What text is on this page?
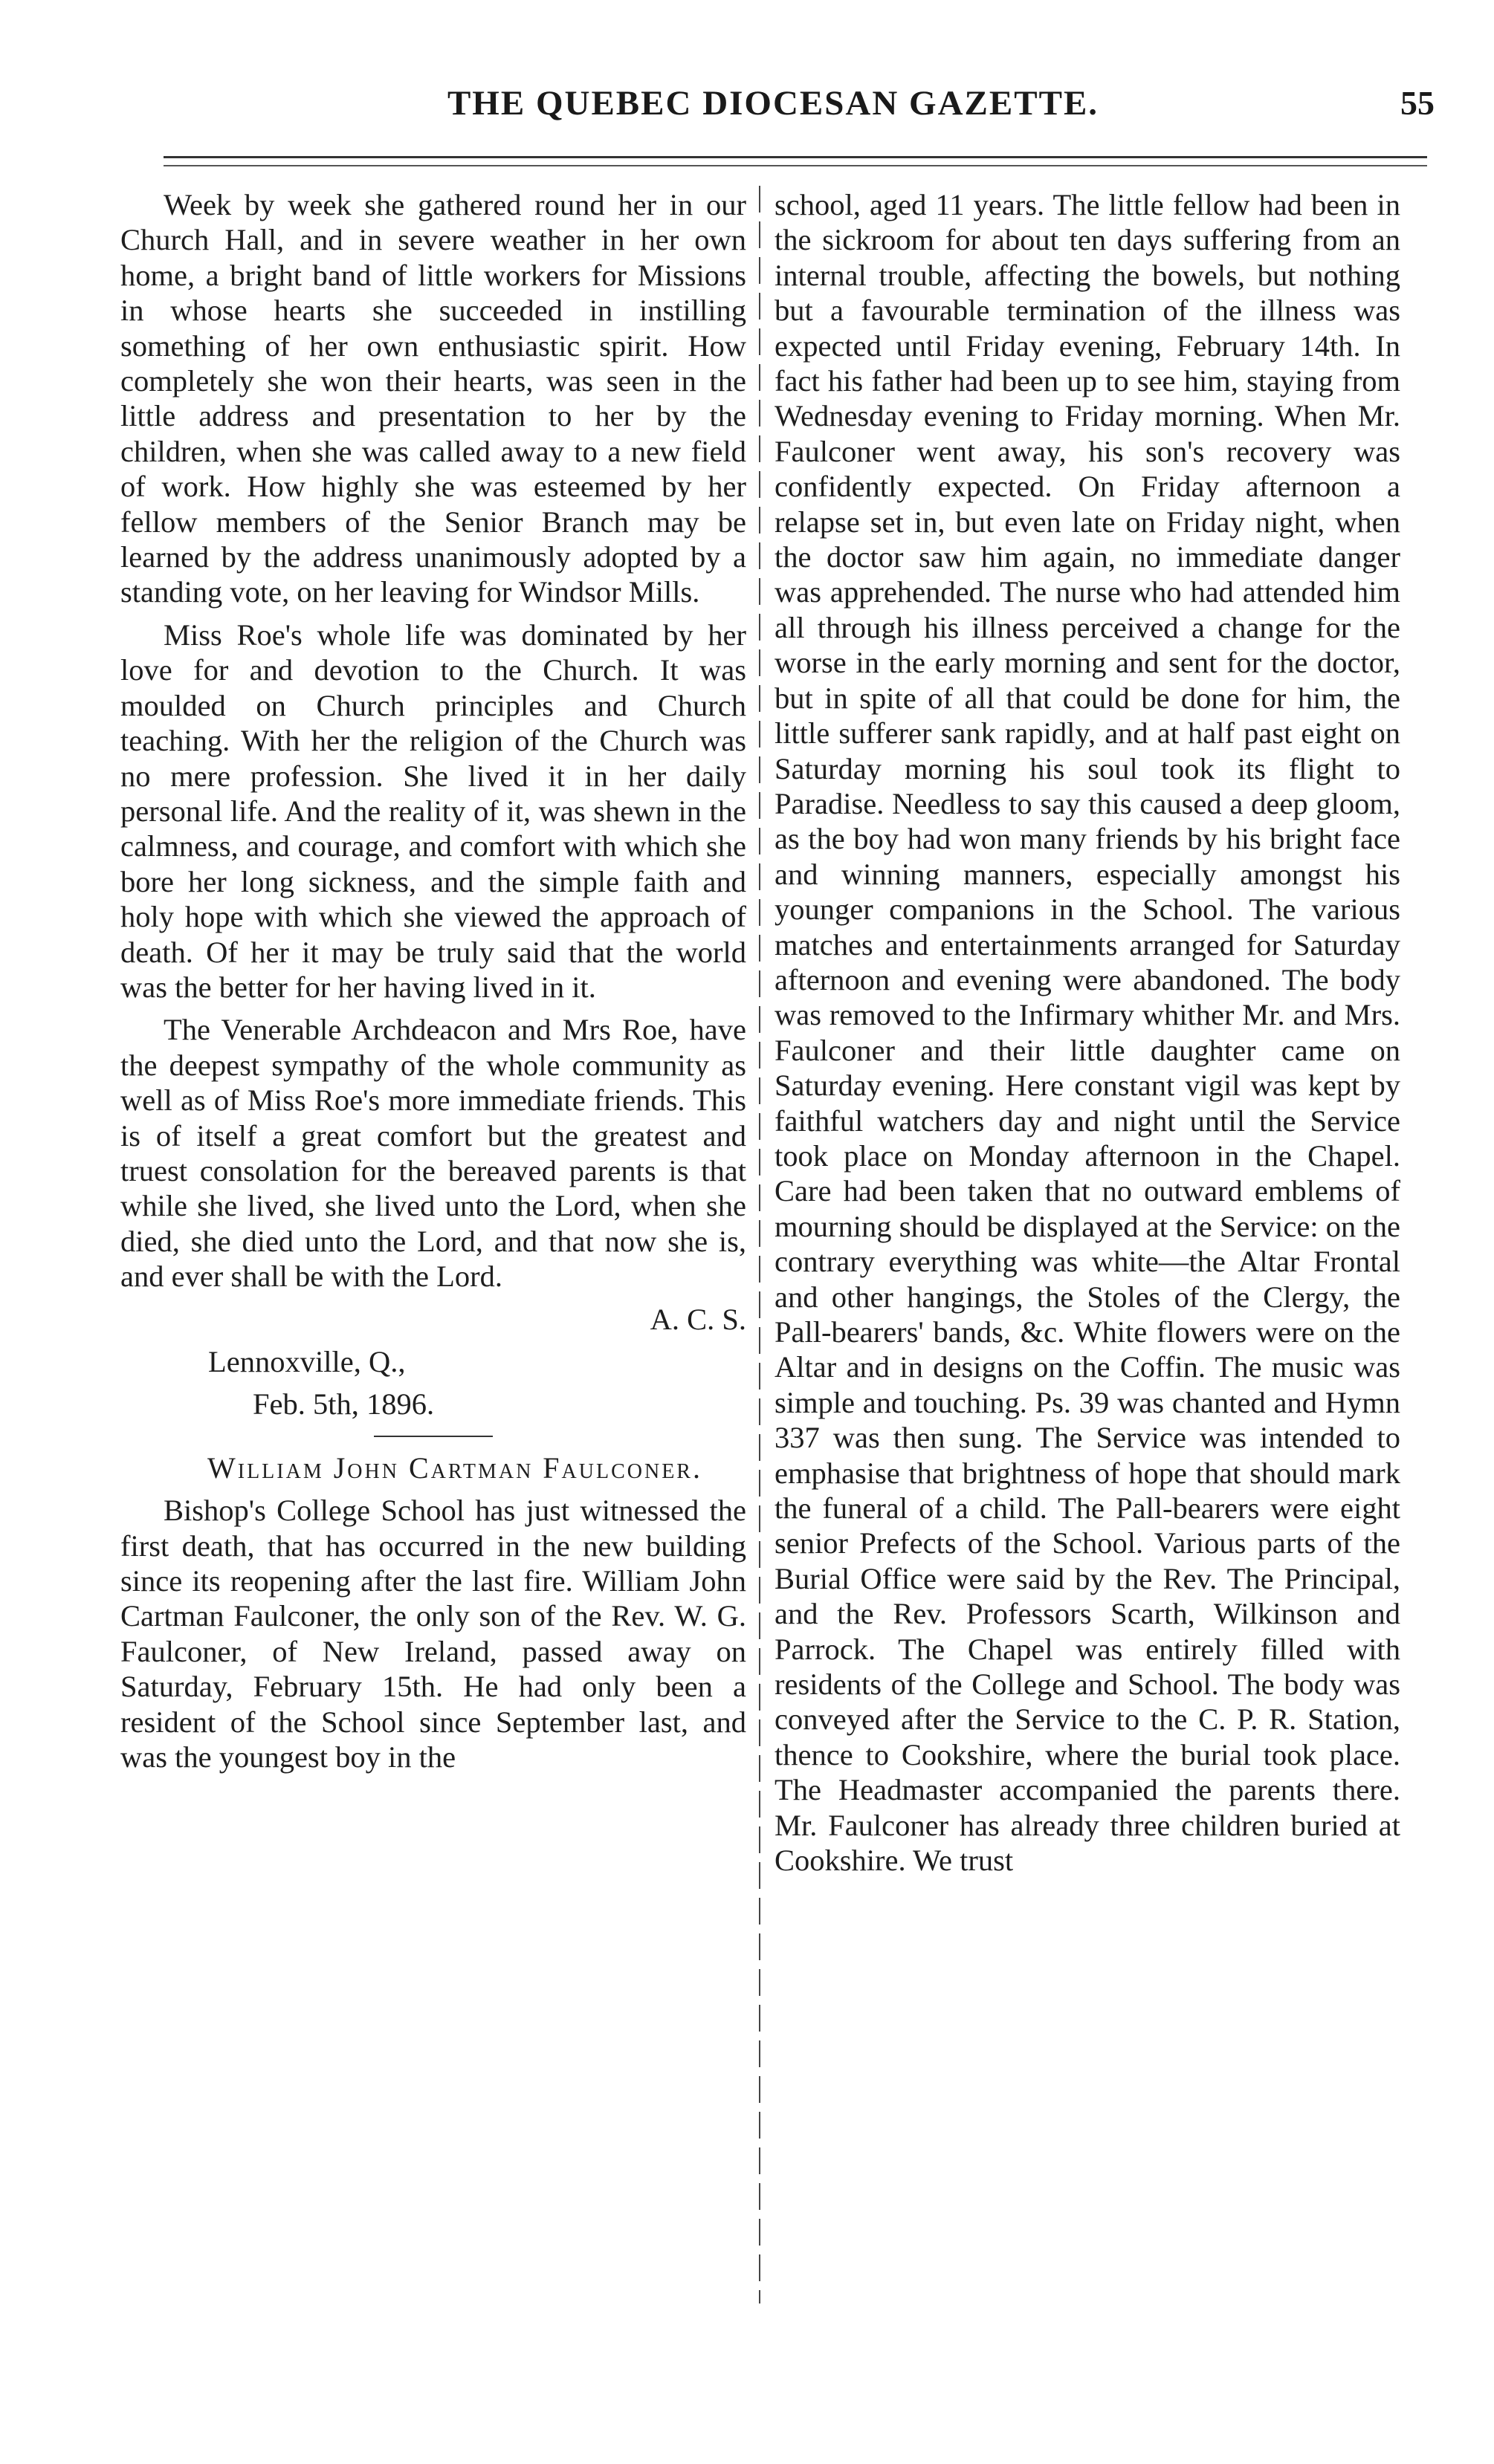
THE QUEBEC DIOCESAN GAZETTE.	55

Week by week she gathered round her in our Church Hall, and in severe weather in her own home, a bright band of little workers for Missions in whose hearts she succeeded in instilling something of her own enthusiastic spirit. How completely she won their hearts, was seen in the little address and presentation to her by the children, when she was called away to a new field of work. How highly she was esteemed by her fellow members of the Senior Branch may be learned by the address unanimously adopted by a standing vote, on her leaving for Windsor Mills.

Miss Roe's whole life was dominated by her love for and devotion to the Church. It was moulded on Church principles and Church teaching. With her the religion of the Church was no mere profession. She lived it in her daily personal life. And the reality of it, was shewn in the calmness, and courage, and comfort with which she bore her long sickness, and the simple faith and holy hope with which she viewed the approach of death. Of her it may be truly said that the world was the better for her having lived in it.

The Venerable Archdeacon and Mrs Roe, have the deepest sympathy of the whole community as well as of Miss Roe's more immediate friends. This is of itself a great comfort but the greatest and truest consolation for the bereaved parents is that while she lived, she lived unto the Lord, when she died, she died unto the Lord, and that now she is, and ever shall be with the Lord.

A. C. S.

Lennoxville, Q.,

Feb. 5th, 1896.

William John Cartman Faulconer.

Bishop's College School has just witnessed the first death, that has occurred in the new building since its reopening after the last fire. William John Cartman Faulconer, the only son of the Rev. W. G. Faulconer, of New Ireland, passed away on Saturday, February 15th. He had only been a resident of the School since September last, and was the youngest boy in the

school, aged 11 years. The little fellow had been in the sickroom for about ten days suffering from an internal trouble, affecting the bowels, but nothing but a favourable termination of the illness was expected until Friday evening, February 14th. In fact his father had been up to see him, staying from Wednesday evening to Friday morning. When Mr. Faulconer went away, his son's recovery was confidently expected. On Friday afternoon a relapse set in, but even late on Friday night, when the doctor saw him again, no immediate danger was apprehended. The nurse who had attended him all through his illness perceived a change for the worse in the early morning and sent for the doctor, but in spite of all that could be done for him, the little sufferer sank rapidly, and at half past eight on Saturday morning his soul took its flight to Paradise. Needless to say this caused a deep gloom, as the boy had won many friends by his bright face and winning manners, especially amongst his younger companions in the School. The various matches and entertainments arranged for Saturday afternoon and evening were abandoned. The body was removed to the Infirmary whither Mr. and Mrs. Faulconer and their little daughter came on Saturday evening. Here constant vigil was kept by faithful watchers day and night until the Service took place on Monday afternoon in the Chapel. Care had been taken that no outward emblems of mourning should be displayed at the Service: on the contrary everything was white—the Altar Frontal and other hangings, the Stoles of the Clergy, the Pall-bearers' bands, &c. White flowers were on the Altar and in designs on the Coffin. The music was simple and touching. Ps. 39 was chanted and Hymn 337 was then sung. The Service was intended to emphasise that brightness of hope that should mark the funeral of a child. The Pall-bearers were eight senior Prefects of the School. Various parts of the Burial Office were said by the Rev. The Principal, and the Rev. Professors Scarth, Wilkinson and Parrock. The Chapel was entirely filled with residents of the College and School. The body was conveyed after the Service to the C. P. R. Station, thence to Cookshire, where the burial took place. The Headmaster accompanied the parents there. Mr. Faulconer has already three children buried at Cookshire. We trust
